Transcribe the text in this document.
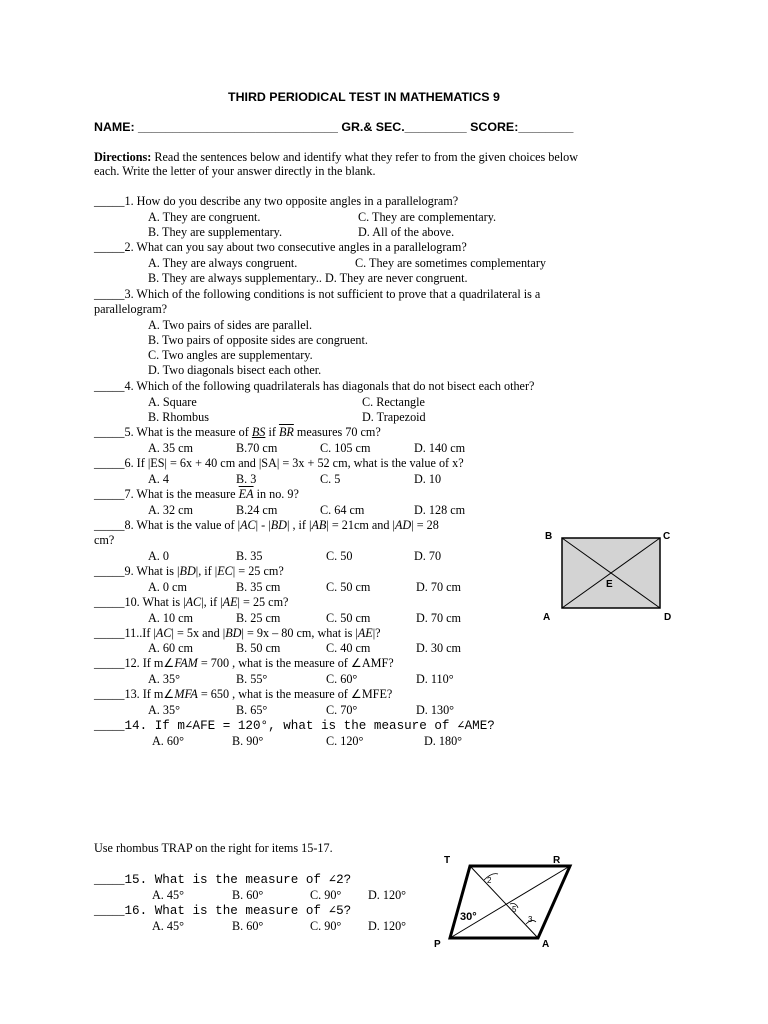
THIRD PERIODICAL TEST IN MATHEMATICS 9
NAME: _____________________________ GR.& SEC._________ SCORE:________
Directions: Read the sentences below and identify what they refer to from the given choices below
each. Write the letter of your answer directly in the blank.
_____1. How do you describe any two opposite angles in a parallelogram?
A. They are congruent.	C. They are complementary.
B. They are supplementary.	D. All of the above.
_____2. What can you say about two consecutive angles in a parallelogram?
A. They are always congruent.	C. They are sometimes complementary
B. They are always supplementary.. D. They are never congruent.
_____3. Which of the following conditions is not sufficient to prove that a quadrilateral is a
parallelogram?
A. Two pairs of sides are parallel.
B. Two pairs of opposite sides are congruent.
C. Two angles are supplementary.
D. Two diagonals bisect each other.
_____4. Which of the following quadrilaterals has diagonals that do not bisect each other?
A. Square	C. Rectangle
B. Rhombus	D. Trapezoid
_____5. What is the measure of BS if $\overline{BR}$ measures 70 cm?
A. 35 cm	B.70 cm	C. 105 cm	D. 140 cm
_____6. If |ES| = 6x + 40 cm and |SA| = 3x + 52 cm, what is the value of x?
A. 4	B. 3	C. 5	D. 10
_____7. What is the measure $\overline{EA}$ in no. 9?
A. 32 cm	B.24 cm	C. 64 cm	D. 128 cm
_____8. What is the value of |AC| - |BD| , if |AB| = 21cm and |AD| = 28
cm?
A. 0	B. 35	C. 50	D. 70
_____9. What is |BD|, if |EC| = 25 cm?
A. 0 cm	B. 35 cm	C. 50 cm	D. 70 cm
_____10. What is |AC|, if |AE| = 25 cm?
A. 10 cm	B. 25 cm	C. 50 cm	D. 70 cm
_____11..If |AC| = 5x and |BD| = 9x – 80 cm, what is |AE|?
A. 60 cm	B. 50 cm	C. 40 cm	D. 30 cm
_____12. If m∠FAM = 700 , what is the measure of ∠AMF?
A. 35°	B. 55°	C. 60°	D. 110°
_____13. If m∠MFA = 650 , what is the measure of ∠MFE?
A. 35°	B. 65°	C. 70°	D. 130°
_____14. If m∠AFE = 120°, what is the measure of ∠AME?
A. 60°	B. 90°	C. 120°	D. 180°
Use rhombus TRAP on the right for items 15-17.
_____15. What is the measure of ∠2?
A. 45°	B. 60°	C. 90° D. 120°
_____16. What is the measure of ∠5?
A. 45°	B. 60°	C. 90° D. 120°
B	C
E
A	D
T	R
P	A
2
5
3
30°
